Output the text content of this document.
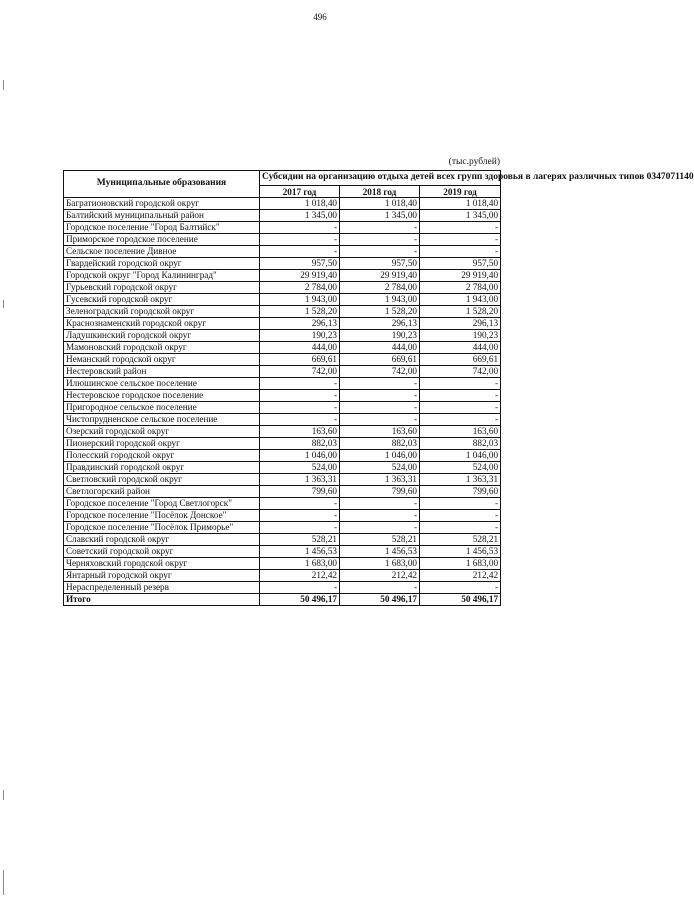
496
(тыс.рублей)
Муниципальные образования	Субсидии на организацию отдыха детей всех групп здоровья в лагерях различных типов 0347071140		
	2017 год	2018 год	2019 год
Багратионовский городской округ	1 018,40	1 018,40	1 018,40
Балтийский муниципальный район	1 345,00	1 345,00	1 345,00
Городское поселение "Город Балтийск"	-	-	-
Приморское городское поселение	-	-	-
Сельское поселение Дивное	-	-	-
Гвардейский городской округ	957,50	957,50	957,50
Городской округ "Город Калининград"	29 919,40	29 919,40	29 919,40
Гурьевский городской округ	2 784,00	2 784,00	2 784,00
Гусевский городской округ	1 943,00	1 943,00	1 943,00
Зеленоградский городской округ	1 528,20	1 528,20	1 528,20
Краснознаменский городской округ	296,13	296,13	296,13
Ладушкинский городской округ	190,23	190,23	190,23
Мамоновский городской округ	444,00	444,00	444,00
Неманский городской округ	669,61	669,61	669,61
Нестеровский район	742,00	742,00	742,00
Илюшинское сельское поселение	-	-	-
Нестеровское городское поселение	-	-	-
Пригородное сельское поселение	-	-	-
Чистопрудненское сельское поселение	-	-	-
Озерский городской округ	163,60	163,60	163,60
Пионерский городской округ	882,03	882,03	882,03
Полесский городской округ	1 046,00	1 046,00	1 046,00
Правдинский городской округ	524,00	524,00	524,00
Светловский городской округ	1 363,31	1 363,31	1 363,31
Светлогорский район	799,60	799,60	799,60
Городское поселение "Город Светлогорск"	-	-	-
Городское поселение "Посёлок Донское"	-	-	-
Городское поселение "Посёлок Приморье"	-	-	-
Славский городской округ	528,21	528,21	528,21
Советский городской округ	1 456,53	1 456,53	1 456,53
Черняховский городской округ	1 683,00	1 683,00	1 683,00
Янтарный городской округ	212,42	212,42	212,42
Нераспределенный резерв	-	-	-
Итого	50 496,17	50 496,17	50 496,17
